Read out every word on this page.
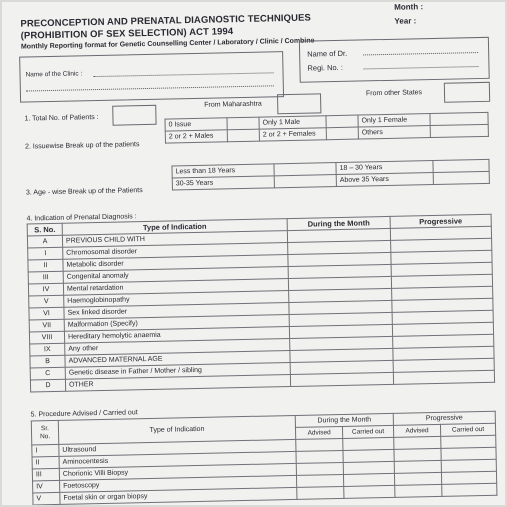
PRECONCEPTION AND PRENATAL DIAGNOSTIC TECHNIQUES
(PROHIBITION OF SEX SELECTION) ACT 1994
Monthly Reporting format for Genetic Counselling Center / Laboratory / Clinic / Combine
Month :
Year :
Name of the Clinic :
Name of Dr.
Regi. No. :
1. Total No. of Patients :
From Maharashtra
From other States
2. Issuewise Break up of the patients
0 Issue		Only 1 Male		Only 1 Female	
2 or 2 + Males		2 or 2 + Females		Others	
3. Age - wise Break up of the Patients
Less than 18 Years		18 – 30 Years	
30-35 Years		Above 35 Years	
4. Indication of Prenatal Diagnosis :
S. No.	Type of Indication	During the Month	Progressive
A	PREVIOUS CHILD WITH		
I	Chromosomal disorder		
II	Metabolic disorder		
III	Congenital anomaly		
IV	Mental retardation		
V	Haemoglobinopathy		
VI	Sex linked disorder		
VII	Malformation (Specify)		
VIII	Hereditary hemolytic anaemia		
IX	Any other		
B	ADVANCED MATERNAL AGE		
C	Genetic disease in Father / Mother / sibling		
D	OTHER		
5. Procedure Advised / Carried out
Sr.
No.	Type of Indication	During the Month		Progressive	
		Advised	Carried out	Advised	Carried out
I	Ultrasound				
II	Aminocentesis				
III	Chorionic Villi Biopsy				
IV	Foetoscopy				
V	Foetal skin or organ biopsy				
